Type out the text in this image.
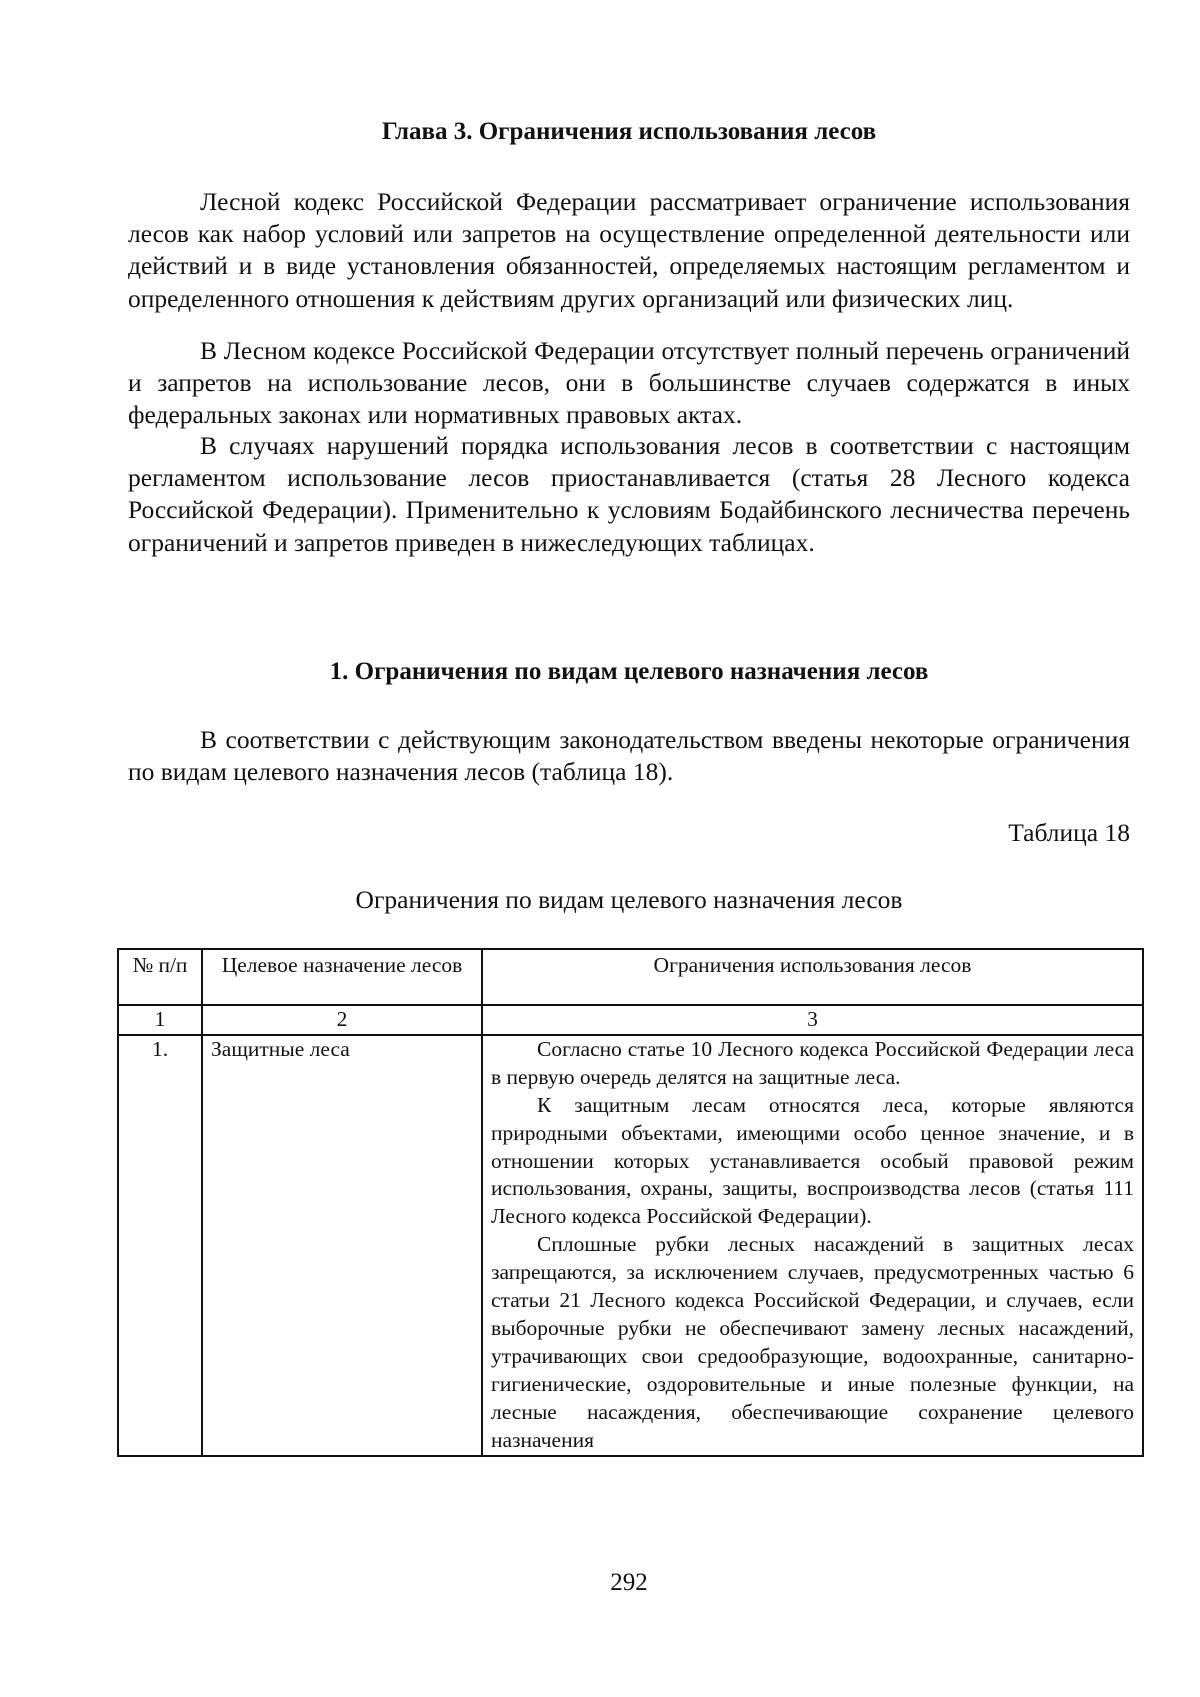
Глава 3. Ограничения использования лесов

Лесной кодекс Российской Федерации рассматривает ограничение использования лесов как набор условий или запретов на осуществление определенной деятельности или действий и в виде установления обязанностей, определяемых настоящим регламентом и определенного отношения к действиям других организаций или физических лиц.

В Лесном кодексе Российской Федерации отсутствует полный перечень ограничений и запретов на использование лесов, они в большинстве случаев содержатся в иных федеральных законах или нормативных правовых актах.

В случаях нарушений порядка использования лесов в соответствии с настоящим регламентом использование лесов приостанавливается (статья 28 Лесного кодекса Российской Федерации). Применительно к условиям Бодайбинского лесничества перечень ограничений и запретов приведен в нижеследующих таблицах.

1. Ограничения по видам целевого назначения лесов

В соответствии с действующим законодательством введены некоторые ограничения по видам целевого назначения лесов (таблица 18).

Таблица 18

Ограничения по видам целевого назначения лесов

№ п/п	Целевое назначение лесов	Ограничения использования лесов
1	2	3
1.	Защитные леса	Согласно статье 10 Лесного кодекса Российской Федерации леса в первую очередь делятся на защитные леса.

К защитным лесам относятся леса, которые являются природными объектами, имеющими особо ценное значение, и в отношении которых устанавливается особый правовой режим использования, охраны, защиты, воспроизводства лесов (статья 111 Лесного кодекса Российской Федерации).

Сплошные рубки лесных насаждений в защитных лесах запрещаются, за исключением случаев, предусмотренных частью 6 статьи 21 Лесного кодекса Российской Федерации, и случаев, если выборочные рубки не обеспечивают замену лесных насаждений, утрачивающих свои средообразующие, водоохранные, санитарно-гигиенические, оздоровительные и иные полезные функции, на лесные насаждения, обеспечивающие сохранение целевого назначения

292
